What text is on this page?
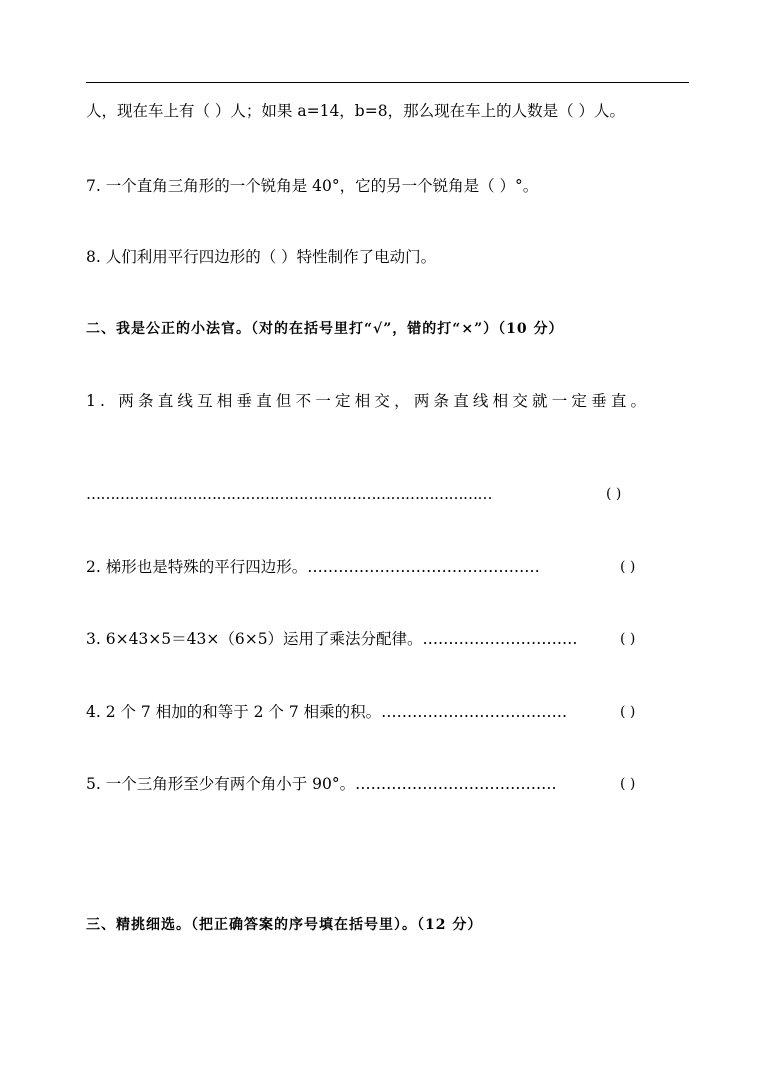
人，现在车上有（ ）人；如果 a=14，b=8，那么现在车上的人数是（ ）人。
7. 一个直角三角形的一个锐角是 40°，它的另一个锐角是（ ）°。
8. 人们利用平行四边形的（ ）特性制作了电动门。
二、我是公正的小法官。（对的在括号里打“√”，错的打“×”）（10 分）
1. 两条直线互相垂直但不一定相交，两条直线相交就一定垂直。
…………………………………………………………………………	( )
2. 梯形也是特殊的平行四边形。………………………………………	( )
3. 6×43×5＝43×（6×5）运用了乘法分配律。…………………………	( )
4. 2 个 7 相加的和等于 2 个 7 相乘的积。………………………………	( )
5. 一个三角形至少有两个角小于 90°。…………………………………	( )
三、精挑细选。（把正确答案的序号填在括号里）。（12 分）
